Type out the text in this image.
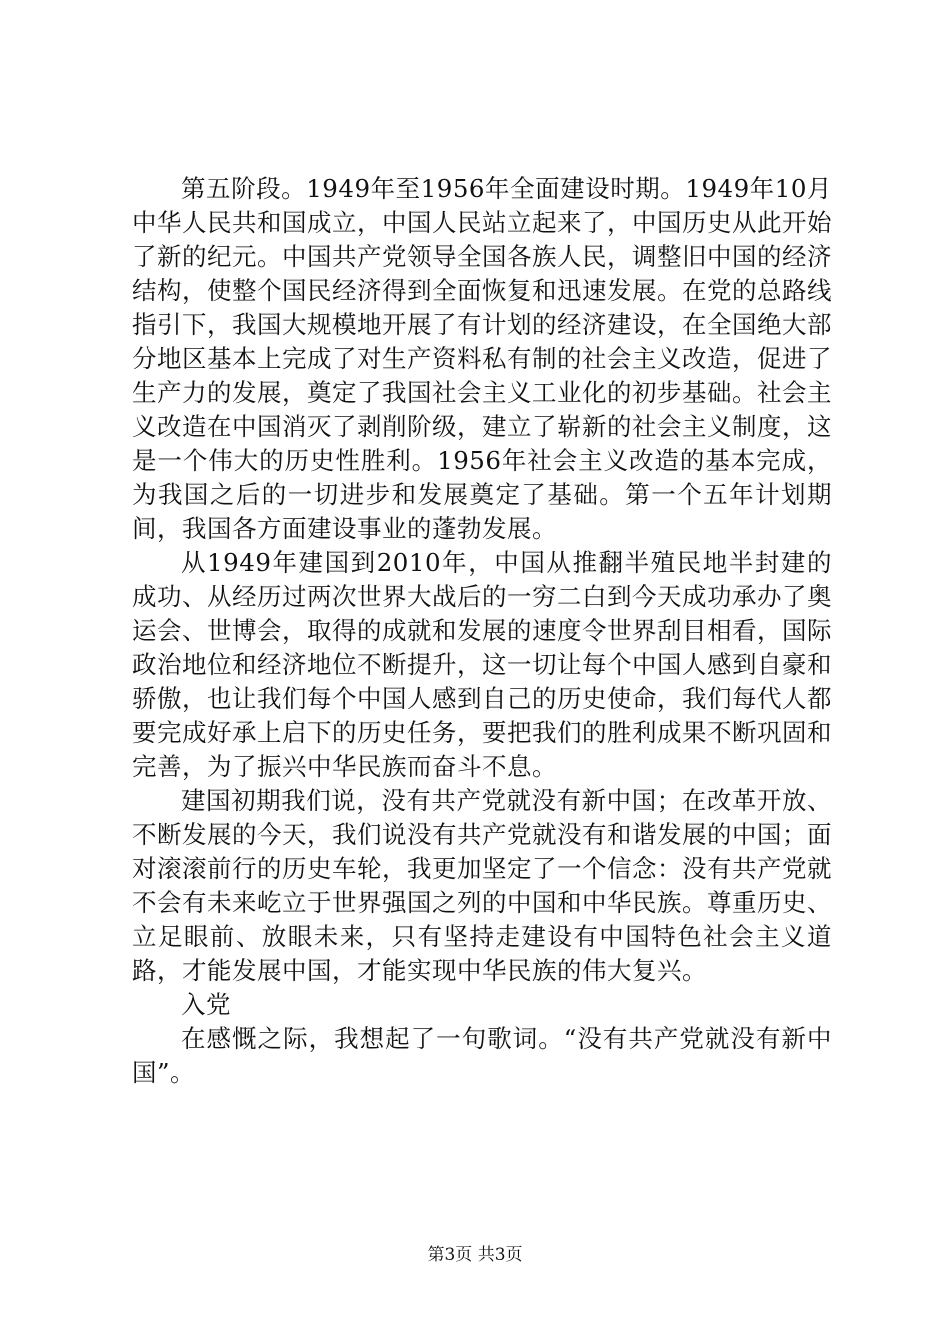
第五阶段。1949年至1956年全面建设时期。1949年10月中华人民共和国成立，中国人民站立起来了，中国历史从此开始了新的纪元。中国共产党领导全国各族人民，调整旧中国的经济结构，使整个国民经济得到全面恢复和迅速发展。在党的总路线指引下，我国大规模地开展了有计划的经济建设，在全国绝大部分地区基本上完成了对生产资料私有制的社会主义改造，促进了生产力的发展，奠定了我国社会主义工业化的初步基础。社会主义改造在中国消灭了剥削阶级，建立了崭新的社会主义制度，这是一个伟大的历史性胜利。1956年社会主义改造的基本完成，为我国之后的一切进步和发展奠定了基础。第一个五年计划期间，我国各方面建设事业的蓬勃发展。

从1949年建国到2010年，中国从推翻半殖民地半封建的成功、从经历过两次世界大战后的一穷二白到今天成功承办了奥运会、世博会，取得的成就和发展的速度令世界刮目相看，国际政治地位和经济地位不断提升，这一切让每个中国人感到自豪和骄傲，也让我们每个中国人感到自己的历史使命，我们每代人都要完成好承上启下的历史任务，要把我们的胜利成果不断巩固和完善，为了振兴中华民族而奋斗不息。

建国初期我们说，没有共产党就没有新中国；在改革开放、不断发展的今天，我们说没有共产党就没有和谐发展的中国；面对滚滚前行的历史车轮，我更加坚定了一个信念：没有共产党就不会有未来屹立于世界强国之列的中国和中华民族。尊重历史、立足眼前、放眼未来，只有坚持走建设有中国特色社会主义道路，才能发展中国，才能实现中华民族的伟大复兴。

入党

在感慨之际，我想起了一句歌词。“没有共产党就没有新中国”。

第3页 共3页
